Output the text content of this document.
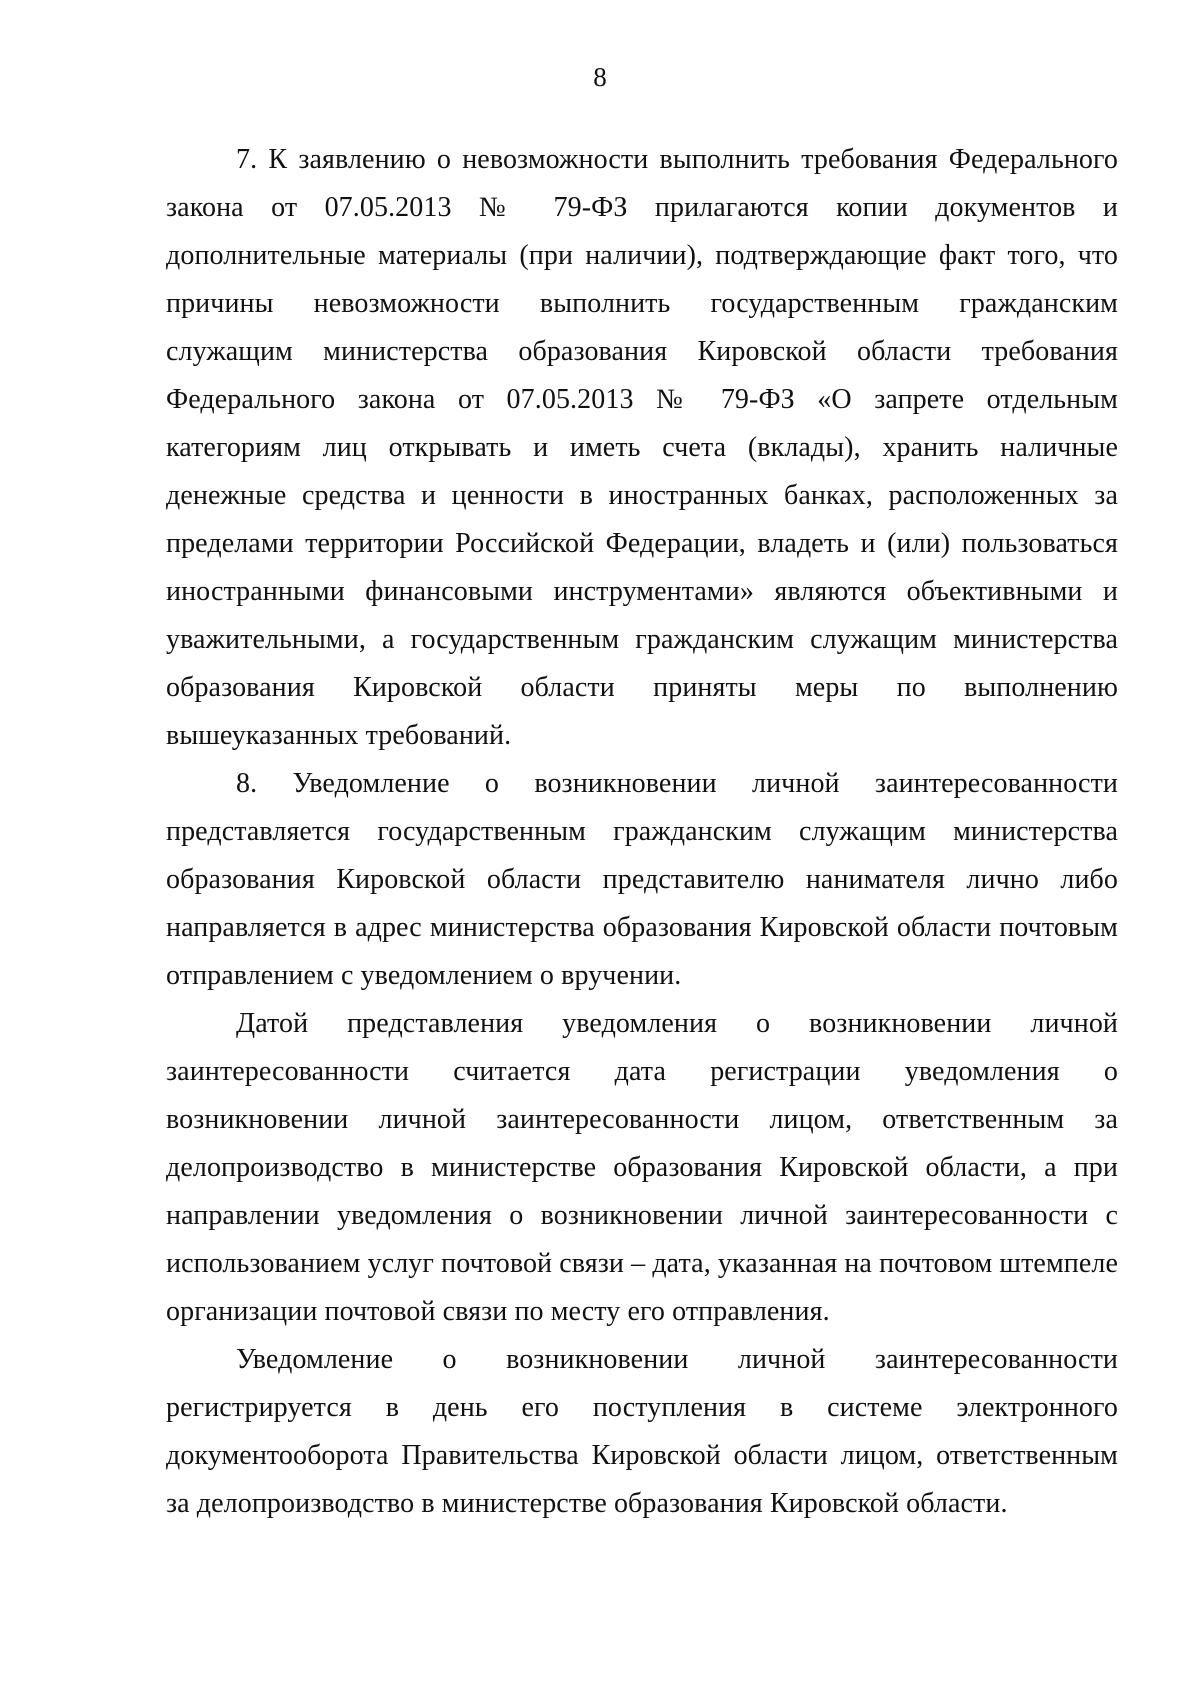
8

7. К заявлению о невозможности выполнить требования Федерального закона от 07.05.2013 № 79-ФЗ прилагаются копии документов и дополнительные материалы (при наличии), подтверждающие факт того, что причины невозможности выполнить государственным гражданским служащим министерства образования Кировской области требования Федерального закона от 07.05.2013 № 79-ФЗ «О запрете отдельным категориям лиц открывать и иметь счета (вклады), хранить наличные денежные средства и ценности в иностранных банках, расположенных за пределами территории Российской Федерации, владеть и (или) пользоваться иностранными финансовыми инструментами» являются объективными и уважительными, а государственным гражданским служащим министерства образования Кировской области приняты меры по выполнению вышеуказанных требований.

8. Уведомление о возникновении личной заинтересованности представляется государственным гражданским служащим министерства образования Кировской области представителю нанимателя лично либо направляется в адрес министерства образования Кировской области почтовым отправлением с уведомлением о вручении.

Датой представления уведомления о возникновении личной заинтересованности считается дата регистрации уведомления о возникновении личной заинтересованности лицом, ответственным за делопроизводство в министерстве образования Кировской области, а при направлении уведомления о возникновении личной заинтересованности с использованием услуг почтовой связи – дата, указанная на почтовом штемпеле организации почтовой связи по месту его отправления.

Уведомление о возникновении личной заинтересованности регистрируется в день его поступления в системе электронного документооборота Правительства Кировской области лицом, ответственным за делопроизводство в министерстве образования Кировской области.
